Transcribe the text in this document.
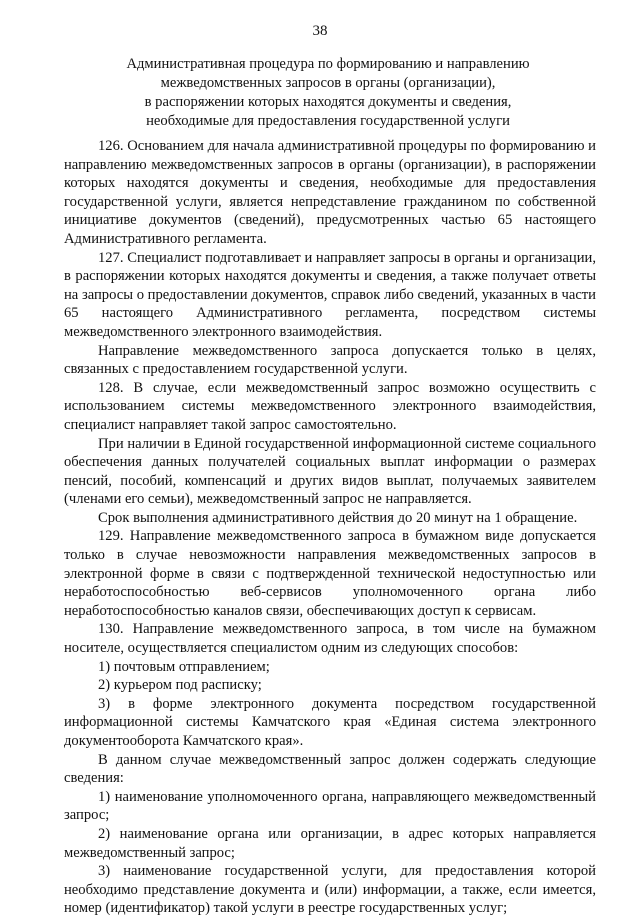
38
Административная процедура по формированию и направлению
межведомственных запросов в органы (организации),
в распоряжении которых находятся документы и сведения,
необходимые для предоставления государственной услуги

126. Основанием для начала административной процедуры по формированию и направлению межведомственных запросов в органы (организации), в распоряжении которых находятся документы и сведения, необходимые для предоставления государственной услуги, является непредставление гражданином по собственной инициативе документов (сведений), предусмотренных частью 65 настоящего Административного регламента.

127. Специалист подготавливает и направляет запросы в органы и организации, в распоряжении которых находятся документы и сведения, а также получает ответы на запросы о предоставлении документов, справок либо сведений, указанных в части 65 настоящего Административного регламента, посредством системы межведомственного электронного взаимодействия.

Направление межведомственного запроса допускается только в целях, связанных с предоставлением государственной услуги.

128. В случае, если межведомственный запрос возможно осуществить с использованием системы межведомственного электронного взаимодействия, специалист направляет такой запрос самостоятельно.

При наличии в Единой государственной информационной системе социального обеспечения данных получателей социальных выплат информации о размерах пенсий, пособий, компенсаций и других видов выплат, получаемых заявителем (членами его семьи), межведомственный запрос не направляется.

Срок выполнения административного действия до 20 минут на 1 обращение.

129. Направление межведомственного запроса в бумажном виде допускается только в случае невозможности направления межведомственных запросов в электронной форме в связи с подтвержденной технической недоступностью или неработоспособностью веб-сервисов уполномоченного органа либо неработоспособностью каналов связи, обеспечивающих доступ к сервисам.

130. Направление межведомственного запроса, в том числе на бумажном носителе, осуществляется специалистом одним из следующих способов:

1) почтовым отправлением;

2) курьером под расписку;

3) в форме электронного документа посредством государственной информационной системы Камчатского края «Единая система электронного документооборота Камчатского края».

В данном случае межведомственный запрос должен содержать следующие сведения:

1) наименование уполномоченного органа, направляющего межведомственный запрос;

2) наименование органа или организации, в адрес которых направляется межведомственный запрос;

3) наименование государственной услуги, для предоставления которой необходимо представление документа и (или) информации, а также, если имеется, номер (идентификатор) такой услуги в реестре государственных услуг;
